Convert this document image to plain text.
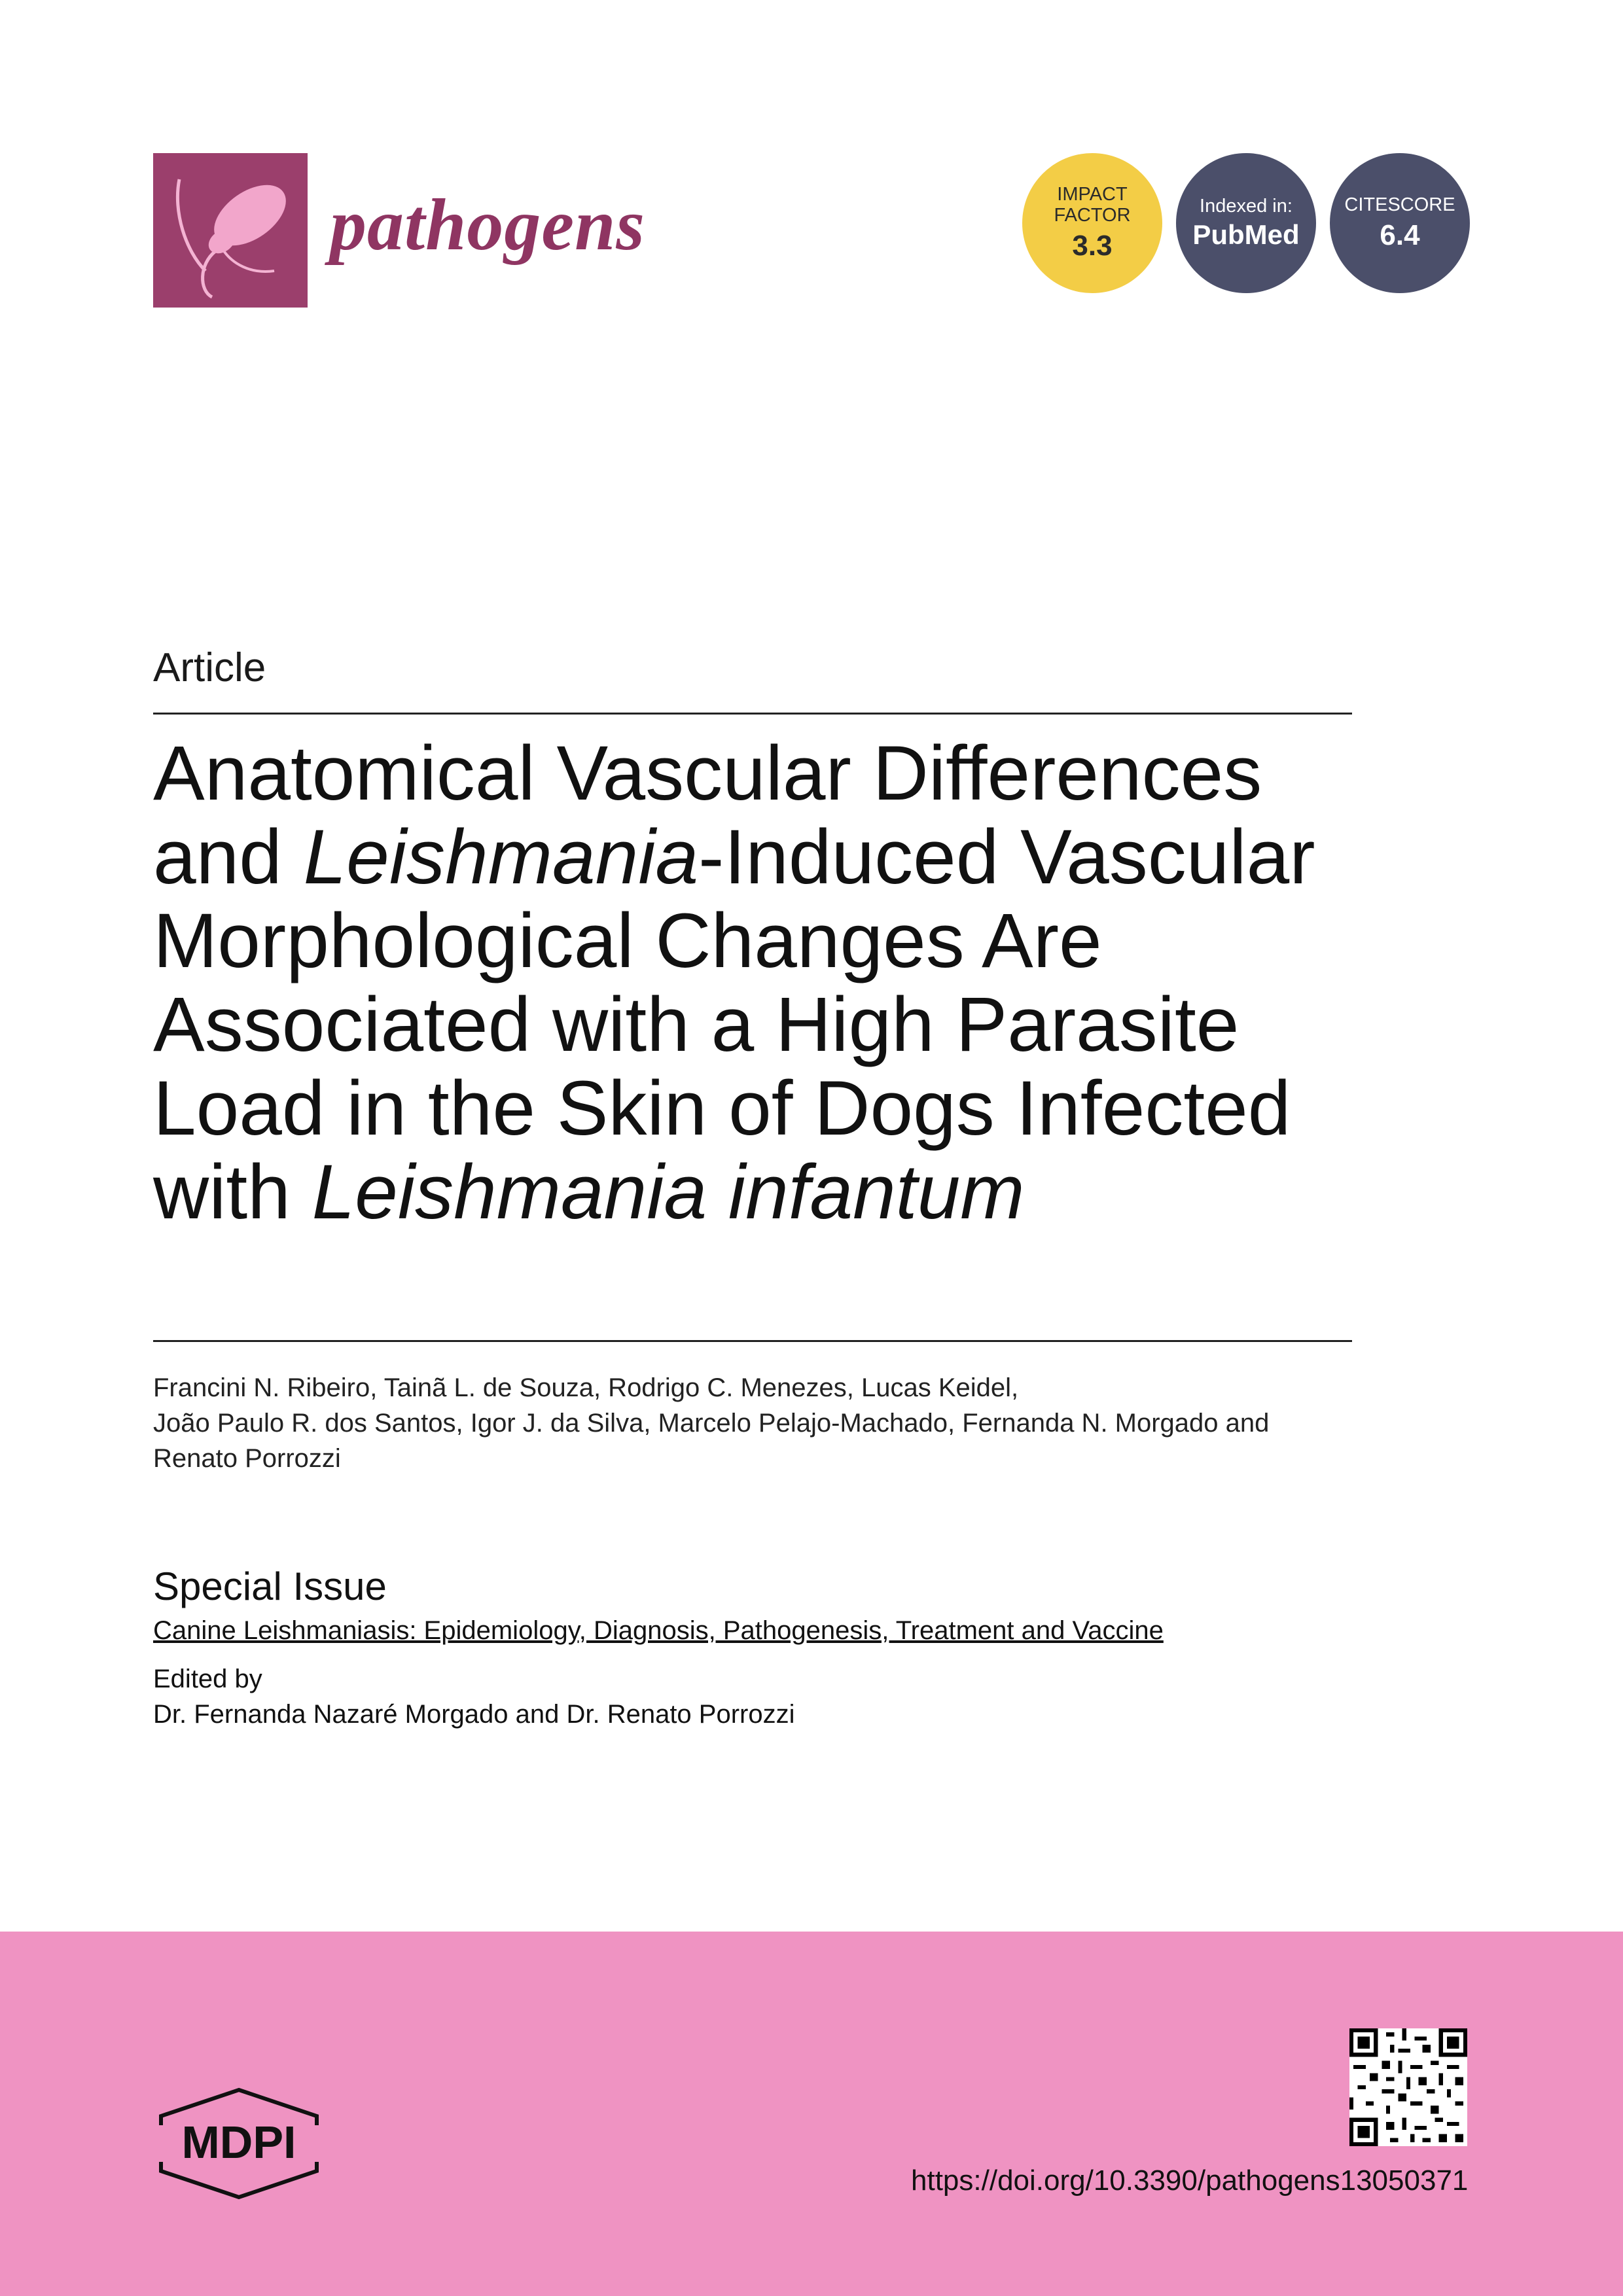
pathogens	IMPACT
FACTOR
3.3
Indexed in:
PubMed
CITESCORE
6.4
Article
Anatomical Vascular Differences and Leishmania-Induced Vascular Morphological Changes Are Associated with a High Parasite Load in the Skin of Dogs Infected with Leishmania infantum
Francini N. Ribeiro, Tainã L. de Souza, Rodrigo C. Menezes, Lucas Keidel,
João Paulo R. dos Santos, Igor J. da Silva, Marcelo Pelajo-Machado, Fernanda N. Morgado and
Renato Porrozzi
Special Issue
Canine Leishmaniasis: Epidemiology, Diagnosis, Pathogenesis, Treatment and Vaccine
Edited by
Dr. Fernanda Nazaré Morgado and Dr. Renato Porrozzi
MDPI
https://doi.org/10.3390/pathogens13050371
